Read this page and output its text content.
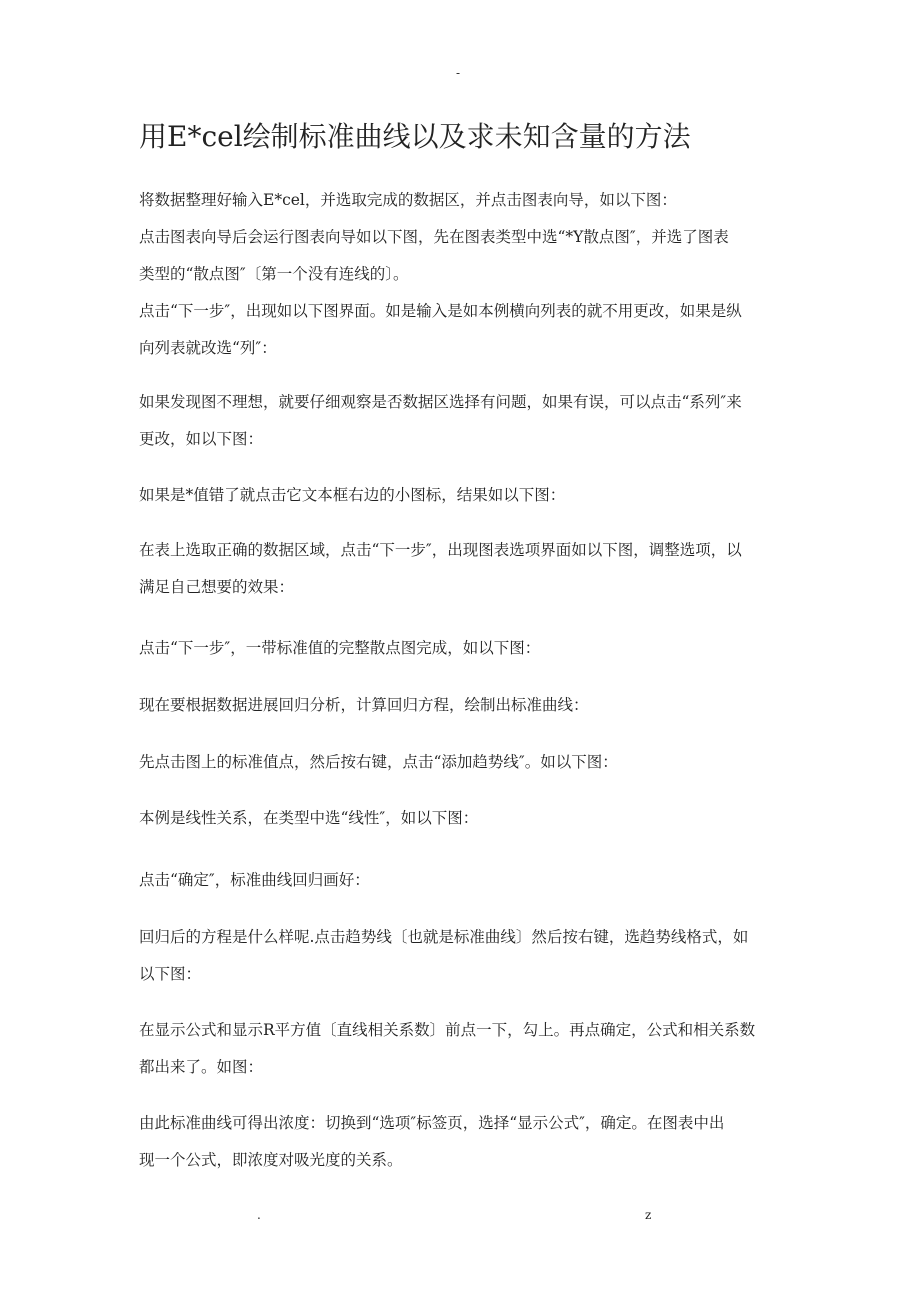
-
用E*cel绘制标准曲线以及求未知含量的方法
将数据整理好输入E*cel，并选取完成的数据区，并点击图表向导，如以下图：
点击图表向导后会运行图表向导如以下图，先在图表类型中选“*Y散点图″，并选了图表
类型的“散点图″〔第一个没有连线的〕。
点击“下一步″，出现如以下图界面。如是输入是如本例横向列表的就不用更改，如果是纵
向列表就改选“列″：
如果发现图不理想，就要仔细观察是否数据区选择有问题，如果有误，可以点击“系列″来
更改，如以下图：
如果是*值错了就点击它文本框右边的小图标，结果如以下图：
在表上选取正确的数据区域，点击“下一步″，出现图表选项界面如以下图，调整选项，以
满足自己想要的效果：
点击“下一步″，一带标准值的完整散点图完成，如以下图：
现在要根据数据进展回归分析，计算回归方程，绘制出标准曲线：
先点击图上的标准值点，然后按右键，点击“添加趋势线″。如以下图：
本例是线性关系，在类型中选“线性″，如以下图：
点击“确定″，标准曲线回归画好：
回归后的方程是什么样呢.点击趋势线〔也就是标准曲线〕然后按右键，选趋势线格式，如
以下图：
在显示公式和显示R平方值〔直线相关系数〕前点一下，勾上。再点确定，公式和相关系数
都出来了。如图：
由此标准曲线可得出浓度：切换到“选项″标签页，选择“显示公式″，确定。在图表中出
现一个公式，即浓度对吸光度的关系。
.	z
